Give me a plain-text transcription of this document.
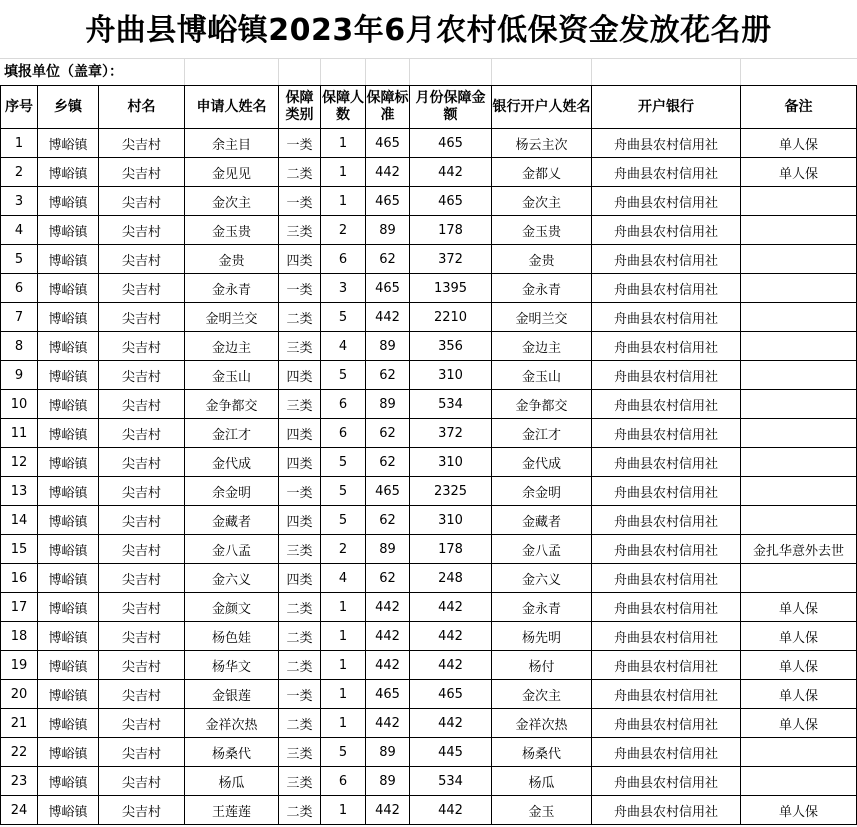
舟曲县博峪镇2023年6月农村低保资金发放花名册
填报单位（盖章）：
序号	乡镇	村名	申请人姓名	保障类别	保障人数	保障标准	月份保障金额	银行开户人姓名	开户银行	备注
1	博峪镇	尖吉村	余主目	一类	1	465	465	杨云主次	舟曲县农村信用社	单人保
2	博峪镇	尖吉村	金见见	二类	1	442	442	金都乂	舟曲县农村信用社	单人保
3	博峪镇	尖吉村	金次主	一类	1	465	465	金次主	舟曲县农村信用社	
4	博峪镇	尖吉村	金玉贵	三类	2	89	178	金玉贵	舟曲县农村信用社	
5	博峪镇	尖吉村	金贵	四类	6	62	372	金贵	舟曲县农村信用社	
6	博峪镇	尖吉村	金永青	一类	3	465	1395	金永青	舟曲县农村信用社	
7	博峪镇	尖吉村	金明兰交	二类	5	442	2210	金明兰交	舟曲县农村信用社	
8	博峪镇	尖吉村	金边主	三类	4	89	356	金边主	舟曲县农村信用社	
9	博峪镇	尖吉村	金玉山	四类	5	62	310	金玉山	舟曲县农村信用社	
10	博峪镇	尖吉村	金争都交	三类	6	89	534	金争都交	舟曲县农村信用社	
11	博峪镇	尖吉村	金江才	四类	6	62	372	金江才	舟曲县农村信用社	
12	博峪镇	尖吉村	金代成	四类	5	62	310	金代成	舟曲县农村信用社	
13	博峪镇	尖吉村	余金明	一类	5	465	2325	余金明	舟曲县农村信用社	
14	博峪镇	尖吉村	金藏者	四类	5	62	310	金藏者	舟曲县农村信用社	
15	博峪镇	尖吉村	金八孟	三类	2	89	178	金八孟	舟曲县农村信用社	金扎华意外去世
16	博峪镇	尖吉村	金六义	四类	4	62	248	金六义	舟曲县农村信用社	
17	博峪镇	尖吉村	金颜文	二类	1	442	442	金永青	舟曲县农村信用社	单人保
18	博峪镇	尖吉村	杨色娃	二类	1	442	442	杨先明	舟曲县农村信用社	单人保
19	博峪镇	尖吉村	杨华文	二类	1	442	442	杨付	舟曲县农村信用社	单人保
20	博峪镇	尖吉村	金银莲	一类	1	465	465	金次主	舟曲县农村信用社	单人保
21	博峪镇	尖吉村	金祥次热	二类	1	442	442	金祥次热	舟曲县农村信用社	单人保
22	博峪镇	尖吉村	杨桑代	三类	5	89	445	杨桑代	舟曲县农村信用社	
23	博峪镇	尖吉村	杨瓜	三类	6	89	534	杨瓜	舟曲县农村信用社	
24	博峪镇	尖吉村	王莲莲	二类	1	442	442	金玉	舟曲县农村信用社	单人保
